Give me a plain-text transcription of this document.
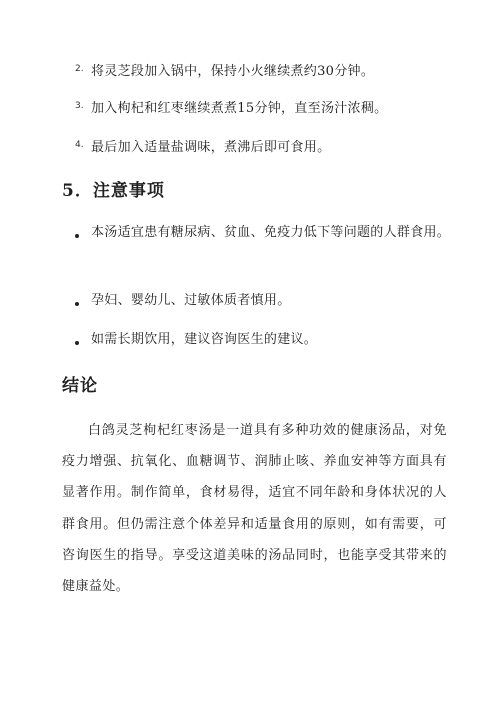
2. 将灵芝段加入锅中，保持小火继续煮约30分钟。
3. 加入枸杞和红枣继续煮煮15分钟，直至汤汁浓稠。
4. 最后加入适量盐调味，煮沸后即可食用。
5．注意事项
本汤适宜患有糖尿病、贫血、免疫力低下等问题的人群食用。
孕妇、婴幼儿、过敏体质者慎用。
如需长期饮用，建议咨询医生的建议。
结论
白鸽灵芝枸杞红枣汤是一道具有多种功效的健康汤品，对免疫力增强、抗氧化、血糖调节、润肺止咳、养血安神等方面具有显著作用。制作简单，食材易得，适宜不同年龄和身体状况的人群食用。但仍需注意个体差异和适量食用的原则，如有需要，可咨询医生的指导。享受这道美味的汤品同时，也能享受其带来的健康益处。
